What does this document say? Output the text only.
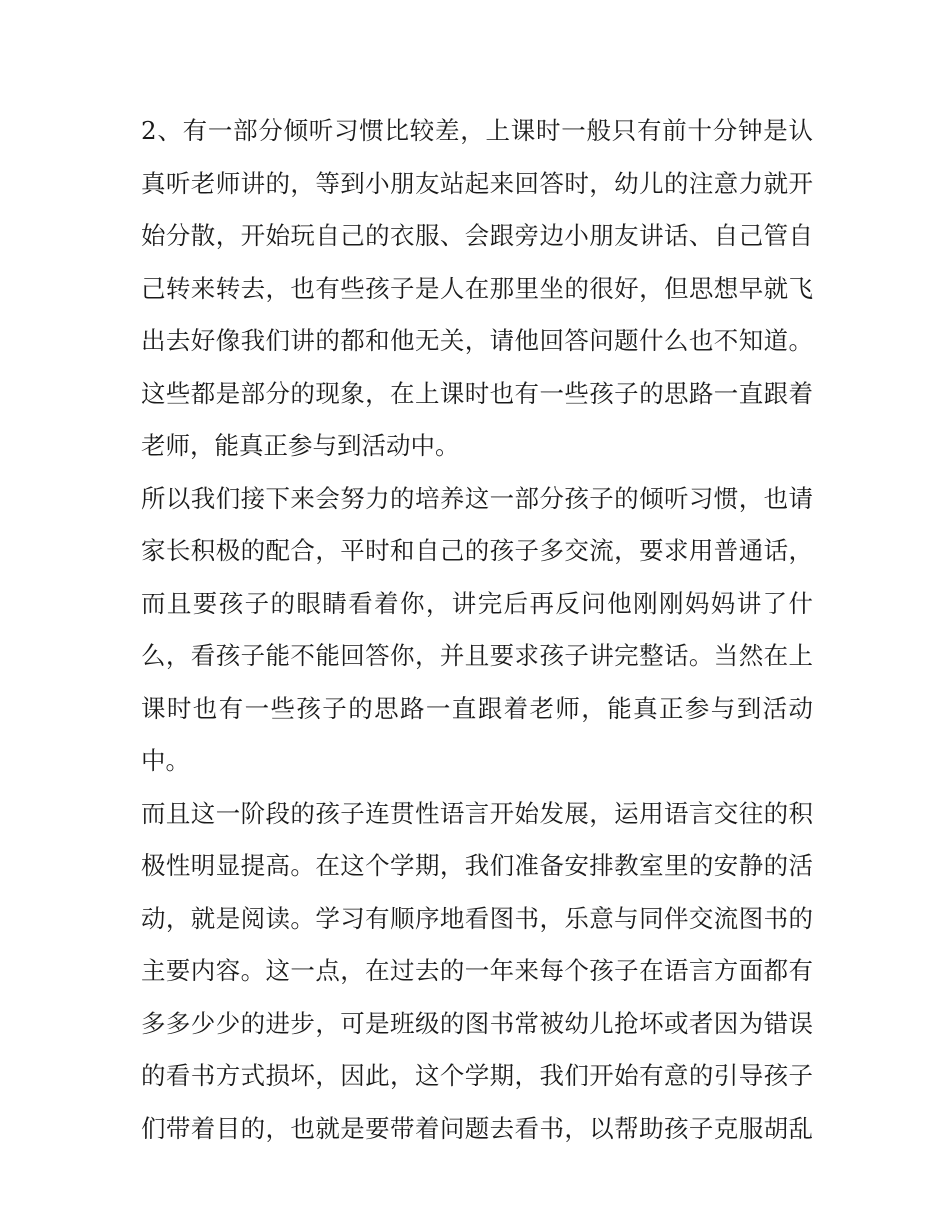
2、有一部分倾听习惯比较差，上课时一般只有前十分钟是认
真听老师讲的，等到小朋友站起来回答时，幼儿的注意力就开
始分散，开始玩自己的衣服、会跟旁边小朋友讲话、自己管自
己转来转去，也有些孩子是人在那里坐的很好，但思想早就飞
出去好像我们讲的都和他无关，请他回答问题什么也不知道。
这些都是部分的现象，在上课时也有一些孩子的思路一直跟着
老师，能真正参与到活动中。
所以我们接下来会努力的培养这一部分孩子的倾听习惯，也请
家长积极的配合，平时和自己的孩子多交流，要求用普通话，
而且要孩子的眼睛看着你，讲完后再反问他刚刚妈妈讲了什
么，看孩子能不能回答你，并且要求孩子讲完整话。当然在上
课时也有一些孩子的思路一直跟着老师，能真正参与到活动
中。
而且这一阶段的孩子连贯性语言开始发展，运用语言交往的积
极性明显提高。在这个学期，我们准备安排教室里的安静的活
动，就是阅读。学习有顺序地看图书，乐意与同伴交流图书的
主要内容。这一点，在过去的一年来每个孩子在语言方面都有
多多少少的进步，可是班级的图书常被幼儿抢坏或者因为错误
的看书方式损坏，因此，这个学期，我们开始有意的引导孩子
们带着目的，也就是要带着问题去看书，以帮助孩子克服胡乱
